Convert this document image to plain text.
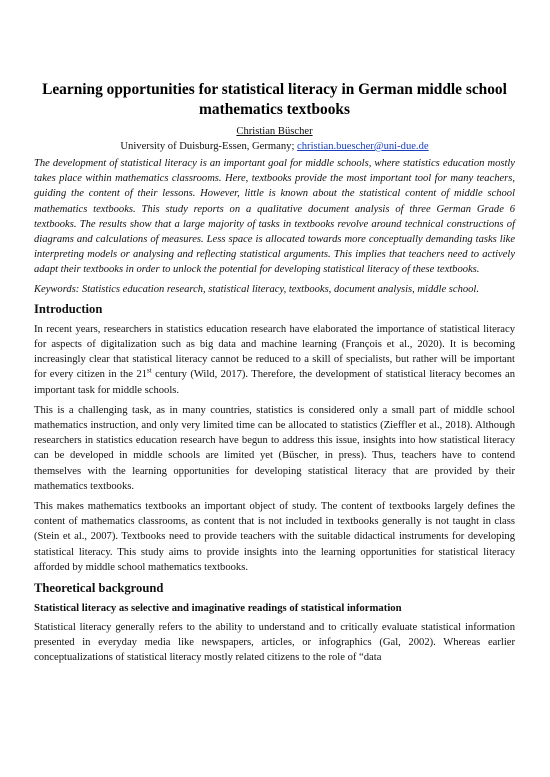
Learning opportunities for statistical literacy in German middle school mathematics textbooks
Christian Büscher
University of Duisburg-Essen, Germany; christian.buescher@uni-due.de

The development of statistical literacy is an important goal for middle schools, where statistics education mostly takes place within mathematics classrooms. Here, textbooks provide the most important tool for many teachers, guiding the content of their lessons. However, little is known about the statistical content of middle school mathematics textbooks. This study reports on a qualitative document analysis of three German Grade 6 textbooks. The results show that a large majority of tasks in textbooks revolve around technical constructions of diagrams and calculations of measures. Less space is allocated towards more conceptually demanding tasks like interpreting models or analysing and reflecting statistical arguments. This implies that teachers need to actively adapt their textbooks in order to unlock the potential for developing statistical literacy of these textbooks.

Keywords: Statistics education research, statistical literacy, textbooks, document analysis, middle school.

Introduction

In recent years, researchers in statistics education research have elaborated the importance of statistical literacy for aspects of digitalization such as big data and machine learning (François et al., 2020). It is becoming increasingly clear that statistical literacy cannot be reduced to a skill of specialists, but rather will be important for every citizen in the 21st century (Wild, 2017). Therefore, the development of statistical literacy becomes an important task for middle schools.

This is a challenging task, as in many countries, statistics is considered only a small part of middle school mathematics instruction, and only very limited time can be allocated to statistics (Zieffler et al., 2018). Although researchers in statistics education research have begun to address this issue, insights into how statistical literacy can be developed in middle schools are limited yet (Büscher, in press). Thus, teachers have to contend themselves with the learning opportunities for developing statistical literacy that are provided by their mathematics textbooks.

This makes mathematics textbooks an important object of study. The content of textbooks largely defines the content of mathematics classrooms, as content that is not included in textbooks generally is not taught in class (Stein et al., 2007). Textbooks need to provide teachers with the suitable didactical instruments for developing statistical literacy. This study aims to provide insights into the learning opportunities for statistical literacy afforded by middle school mathematics textbooks.

Theoretical background
Statistical literacy as selective and imaginative readings of statistical information

Statistical literacy generally refers to the ability to understand and to critically evaluate statistical information presented in everyday media like newspapers, articles, or infographics (Gal, 2002). Whereas earlier conceptualizations of statistical literacy mostly related citizens to the role of “data
